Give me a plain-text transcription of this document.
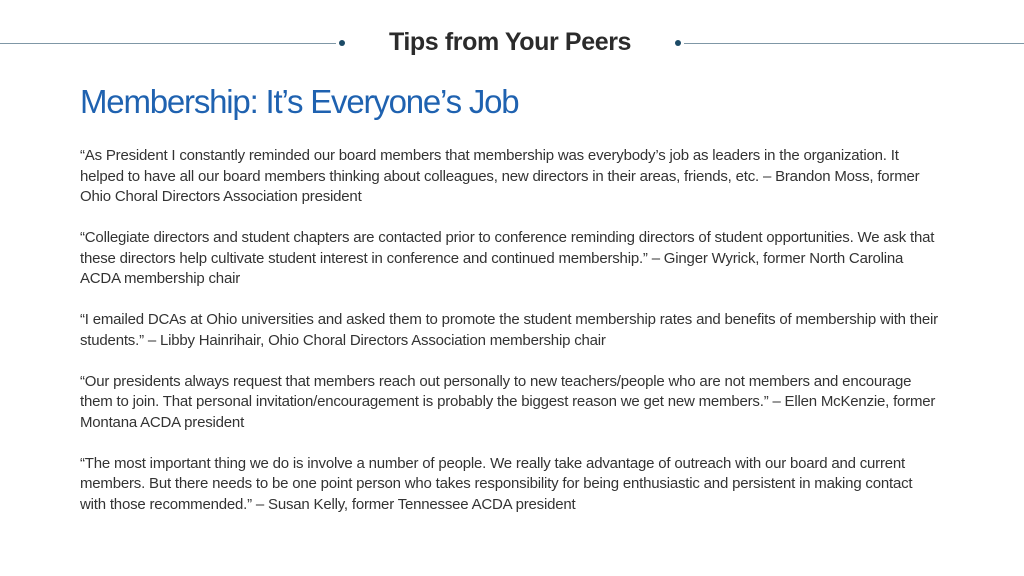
Tips from Your Peers
Membership: It’s Everyone’s Job

“As President I constantly reminded our board members that membership was everybody’s job as leaders in the organization. It helped to have all our board members thinking about colleagues, new directors in their areas, friends, etc. – Brandon Moss, former Ohio Choral Directors Association president

“Collegiate directors and student chapters are contacted prior to conference reminding directors of student opportunities. We ask that these directors help cultivate student interest in conference and continued membership.” – Ginger Wyrick, former North Carolina ACDA membership chair

“I emailed DCAs at Ohio universities and asked them to promote the student membership rates and benefits of membership with their students.” – Libby Hainrihair, Ohio Choral Directors Association membership chair

“Our presidents always request that members reach out personally to new teachers/people who are not members and encourage them to join. That personal invitation/encouragement is probably the biggest reason we get new members.” – Ellen McKenzie, former Montana ACDA president

“The most important thing we do is involve a number of people. We really take advantage of outreach with our board and current members. But there needs to be one point person who takes responsibility for being enthusiastic and persistent in making contact with those recommended.” – Susan Kelly, former Tennessee ACDA president
